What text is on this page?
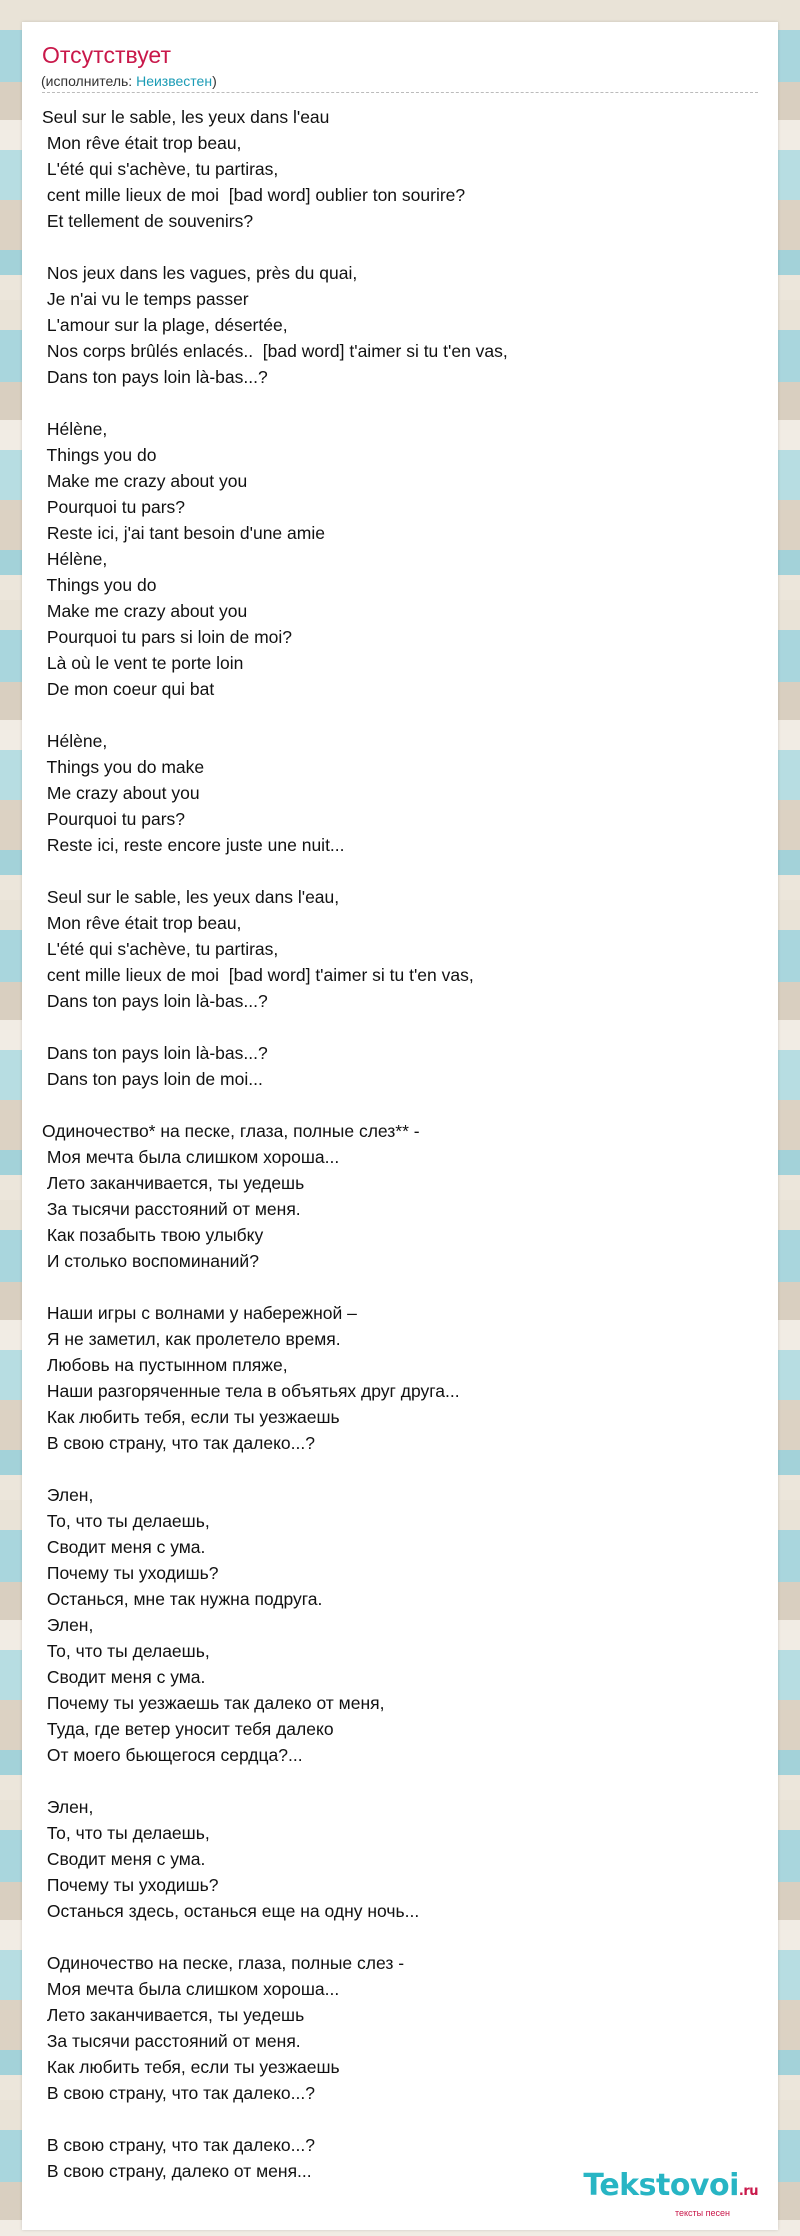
Отсутствует
(исполнитель: Неизвестен)
Seul sur le sable, les yeux dans l'eau
Mon rêve était trop beau,
L'été qui s'achève, tu partiras,
cent mille lieux de moi  [bad word] oublier ton sourire?
Et tellement de souvenirs?
Nos jeux dans les vagues, près du quai,
Je n'ai vu le temps passer
L'amour sur la plage, désertée,
Nos corps brûlés enlacés..  [bad word] t'aimer si tu t'en vas,
Dans ton pays loin là-bas...?
Hélène,
Things you do
Make me crazy about you
Pourquoi tu pars?
Reste ici, j'ai tant besoin d'une amie
Hélène,
Things you do
Make me crazy about you
Pourquoi tu pars si loin de moi?
Là où le vent te porte loin
De mon coeur qui bat
Hélène,
Things you do make
Me crazy about you
Pourquoi tu pars?
Reste ici, reste encore juste une nuit...
Seul sur le sable, les yeux dans l'eau,
Mon rêve était trop beau,
L'été qui s'achève, tu partiras,
cent mille lieux de moi  [bad word] t'aimer si tu t'en vas,
Dans ton pays loin là-bas...?
Dans ton pays loin là-bas...?
Dans ton pays loin de moi...
Одиночество* на песке, глаза, полные слез** -
Моя мечта была слишком хороша...
Лето заканчивается, ты уедешь
За тысячи расстояний от меня.
Как позабыть твою улыбку
И столько воспоминаний?
Наши игры с волнами у набережной –
Я не заметил, как пролетело время.
Любовь на пустынном пляже,
Наши разгоряченные тела в объятьях друг друга...
Как любить тебя, если ты уезжаешь
В свою страну, что так далеко...?
Элен,
То, что ты делаешь,
Сводит меня с ума.
Почему ты уходишь?
Останься, мне так нужна подруга.
Элен,
То, что ты делаешь,
Сводит меня с ума.
Почему ты уезжаешь так далеко от меня,
Туда, где ветер уносит тебя далеко
От моего бьющегося сердца?...
Элен,
То, что ты делаешь,
Сводит меня с ума.
Почему ты уходишь?
Останься здесь, останься еще на одну ночь...
Одиночество на песке, глаза, полные слез -
Моя мечта была слишком хороша...
Лето заканчивается, ты уедешь
За тысячи расстояний от меня.
Как любить тебя, если ты уезжаешь
В свою страну, что так далеко...?
В свою страну, что так далеко...?
В свою страну, далеко от меня...	Tekstovoi.ru
тексты песен
